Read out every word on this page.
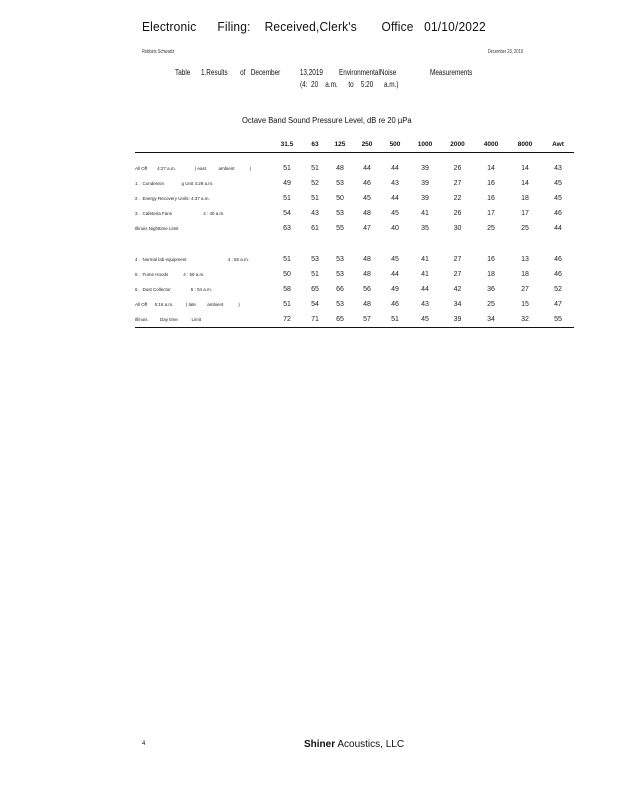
Electronic      Filing:    Received,Clerk's       Office   01/10/2022
Robbins Schwartz	December 23, 2019
Table      1.Results       of   December           13,2019         EnvironmentalNoise                   Measurements
(4:  20    a.m.      to    5:20      a.m.)
Octave Band Sound Pressure Level, dB re 20 µPa
	31.5	63	125	250	500	1000	2000	4000	8000	Awt

All Off        4:27 a.m.               ( east          ambient            )	51	51	48	44	44	39	26	14	14	43
1 .  Condensin              g Unit 4:29 a.m.	49	52	53	46	43	39	27	16	14	45
2 .  Energy Recovery Units: 4:37 a.m.	51	51	50	45	44	39	22	16	18	45
3 .  Cafeteria Fans                         4 : 40 a.m.	54	43	53	48	45	41	26	17	17	46
Illinois Nighttime Limit	63	61	55	47	40	35	30	25	25	44

4 .  Normal lab equipment                                 4 : 55 a.m.	51	53	53	48	45	41	27	16	13	46
5 .  Fume Hoods            4 : 59 a.m.	50	51	53	48	44	41	27	18	18	46
6 .  Dust Collector                5 : 04 a.m.	58	65	66	56	49	44	42	36	27	52
All Off      5:16 a.m.          ( late         ambient            )	51	54	53	48	46	43	34	25	15	47
Illinois          Day time           Limit	72	71	65	57	51	45	39	34	32	55
4	Shiner Acoustics, LLC
